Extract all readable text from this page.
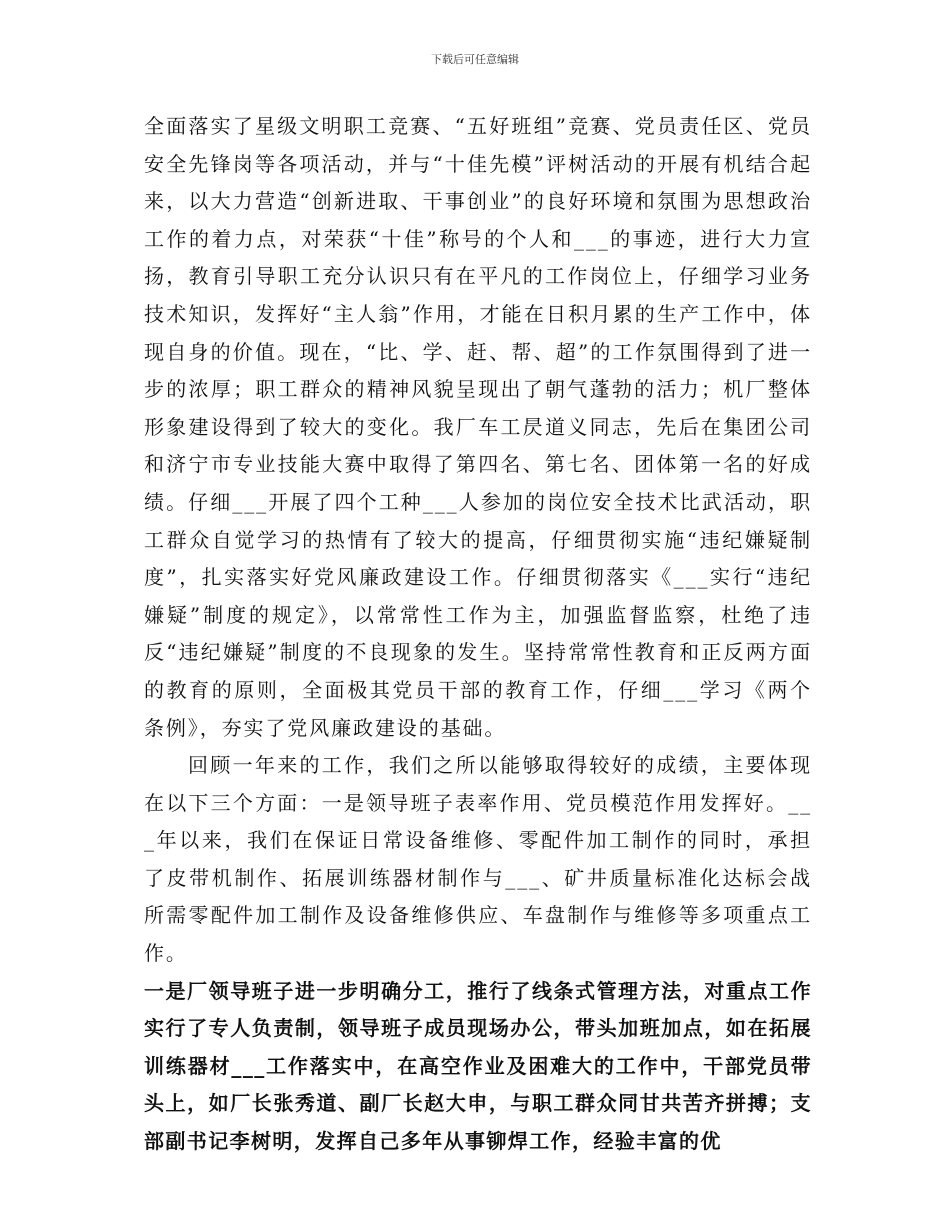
下载后可任意编辑

全面落实了星级文明职工竞赛、“五好班组”竞赛、党员责任区、党员安全先锋岗等各项活动，并与“十佳先模”评树活动的开展有机结合起来，以大力营造“创新进取、干事创业”的良好环境和氛围为思想政治工作的着力点，对荣获“十佳”称号的个人和___的事迹，进行大力宣扬，教育引导职工充分认识只有在平凡的工作岗位上，仔细学习业务技术知识，发挥好“主人翁”作用，才能在日积月累的生产工作中，体现自身的价值。现在，“比、学、赶、帮、超”的工作氛围得到了进一步的浓厚；职工群众的精神风貌呈现出了朝气蓬勃的活力；机厂整体形象建设得到了较大的变化。我厂车工昃道义同志，先后在集团公司和济宁市专业技能大赛中取得了第四名、第七名、团体第一名的好成绩。仔细___开展了四个工种___人参加的岗位安全技术比武活动，职工群众自觉学习的热情有了较大的提高，仔细贯彻实施“违纪嫌疑制度”，扎实落实好党风廉政建设工作。仔细贯彻落实《___实行“违纪嫌疑”制度的规定》，以常常性工作为主，加强监督监察，杜绝了违反“违纪嫌疑”制度的不良现象的发生。坚持常常性教育和正反两方面的教育的原则，全面极其党员干部的教育工作，仔细___学习《两个条例》，夯实了党风廉政建设的基础。

回顾一年来的工作，我们之所以能够取得较好的成绩，主要体现在以下三个方面：一是领导班子表率作用、党员模范作用发挥好。___年以来，我们在保证日常设备维修、零配件加工制作的同时，承担了皮带机制作、拓展训练器材制作与___、矿井质量标准化达标会战所需零配件加工制作及设备维修供应、车盘制作与维修等多项重点工作。

一是厂领导班子进一步明确分工，推行了线条式管理方法，对重点工作实行了专人负责制，领导班子成员现场办公，带头加班加点，如在拓展训练器材___工作落实中，在高空作业及困难大的工作中，干部党员带头上，如厂长张秀道、副厂长赵大申，与职工群众同甘共苦齐拼搏；支部副书记李树明，发挥自己多年从事铆焊工作，经验丰富的优
